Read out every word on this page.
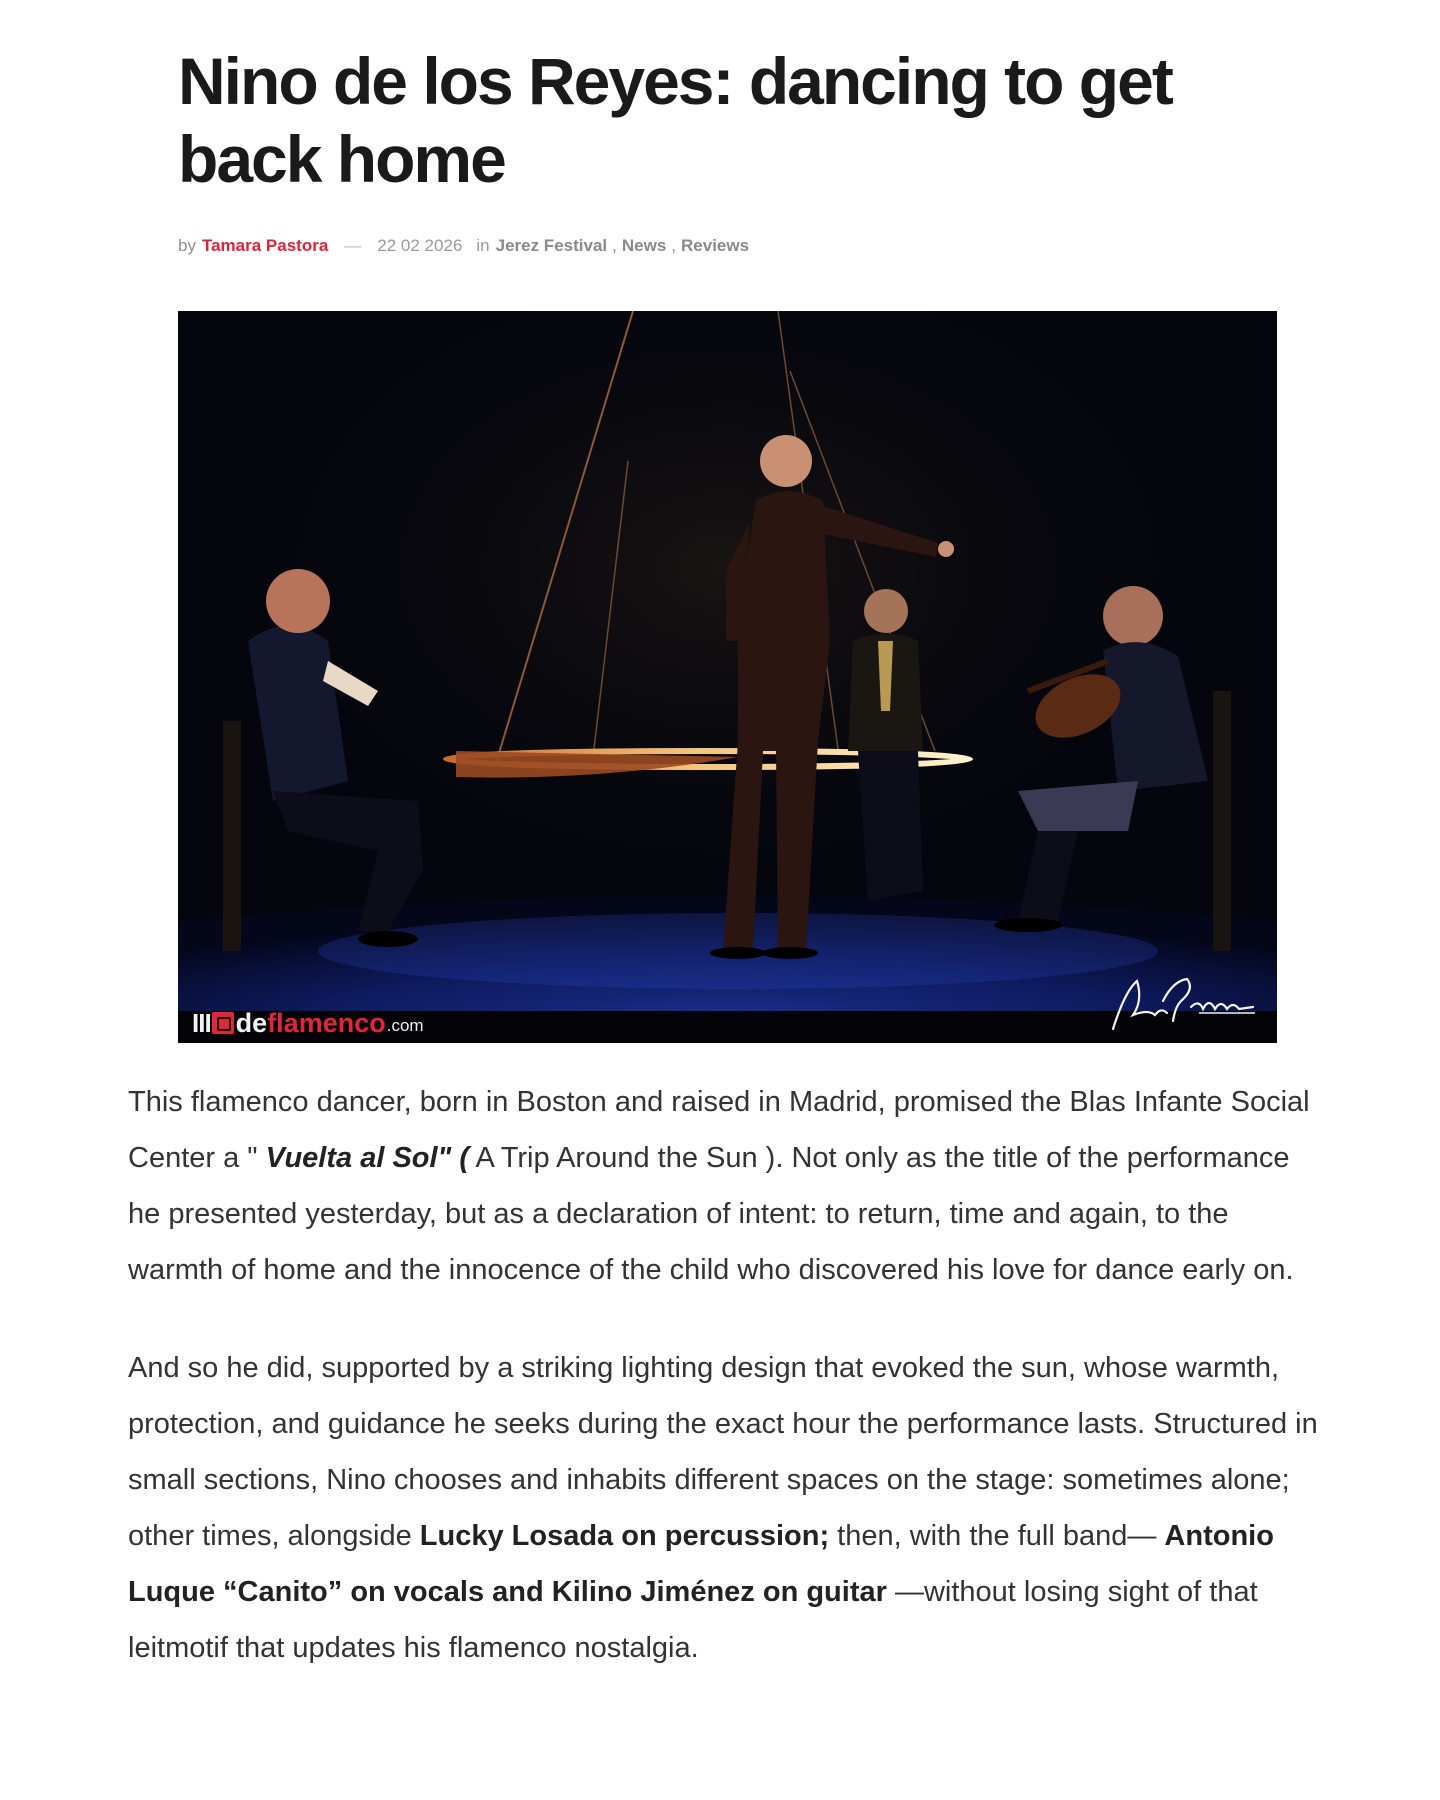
Nino de los Reyes: dancing to get back home
by Tamara Pastora — 22 02 2026 in Jerez Festival , News , Reviews
III de flamenco .com

This flamenco dancer, born in Boston and raised in Madrid, promised the Blas Infante Social Center a " Vuelta al Sol" ( A Trip Around the Sun ). Not only as the title of the performance he presented yesterday, but as a declaration of intent: to return, time and again, to the warmth of home and the innocence of the child who discovered his love for dance early on.

And so he did, supported by a striking lighting design that evoked the sun, whose warmth, protection, and guidance he seeks during the exact hour the performance lasts. Structured in small sections, Nino chooses and inhabits different spaces on the stage: sometimes alone; other times, alongside Lucky Losada on percussion; then, with the full band— Antonio Luque “Canito” on vocals and Kilino Jiménez on guitar —without losing sight of that leitmotif that updates his flamenco nostalgia.
